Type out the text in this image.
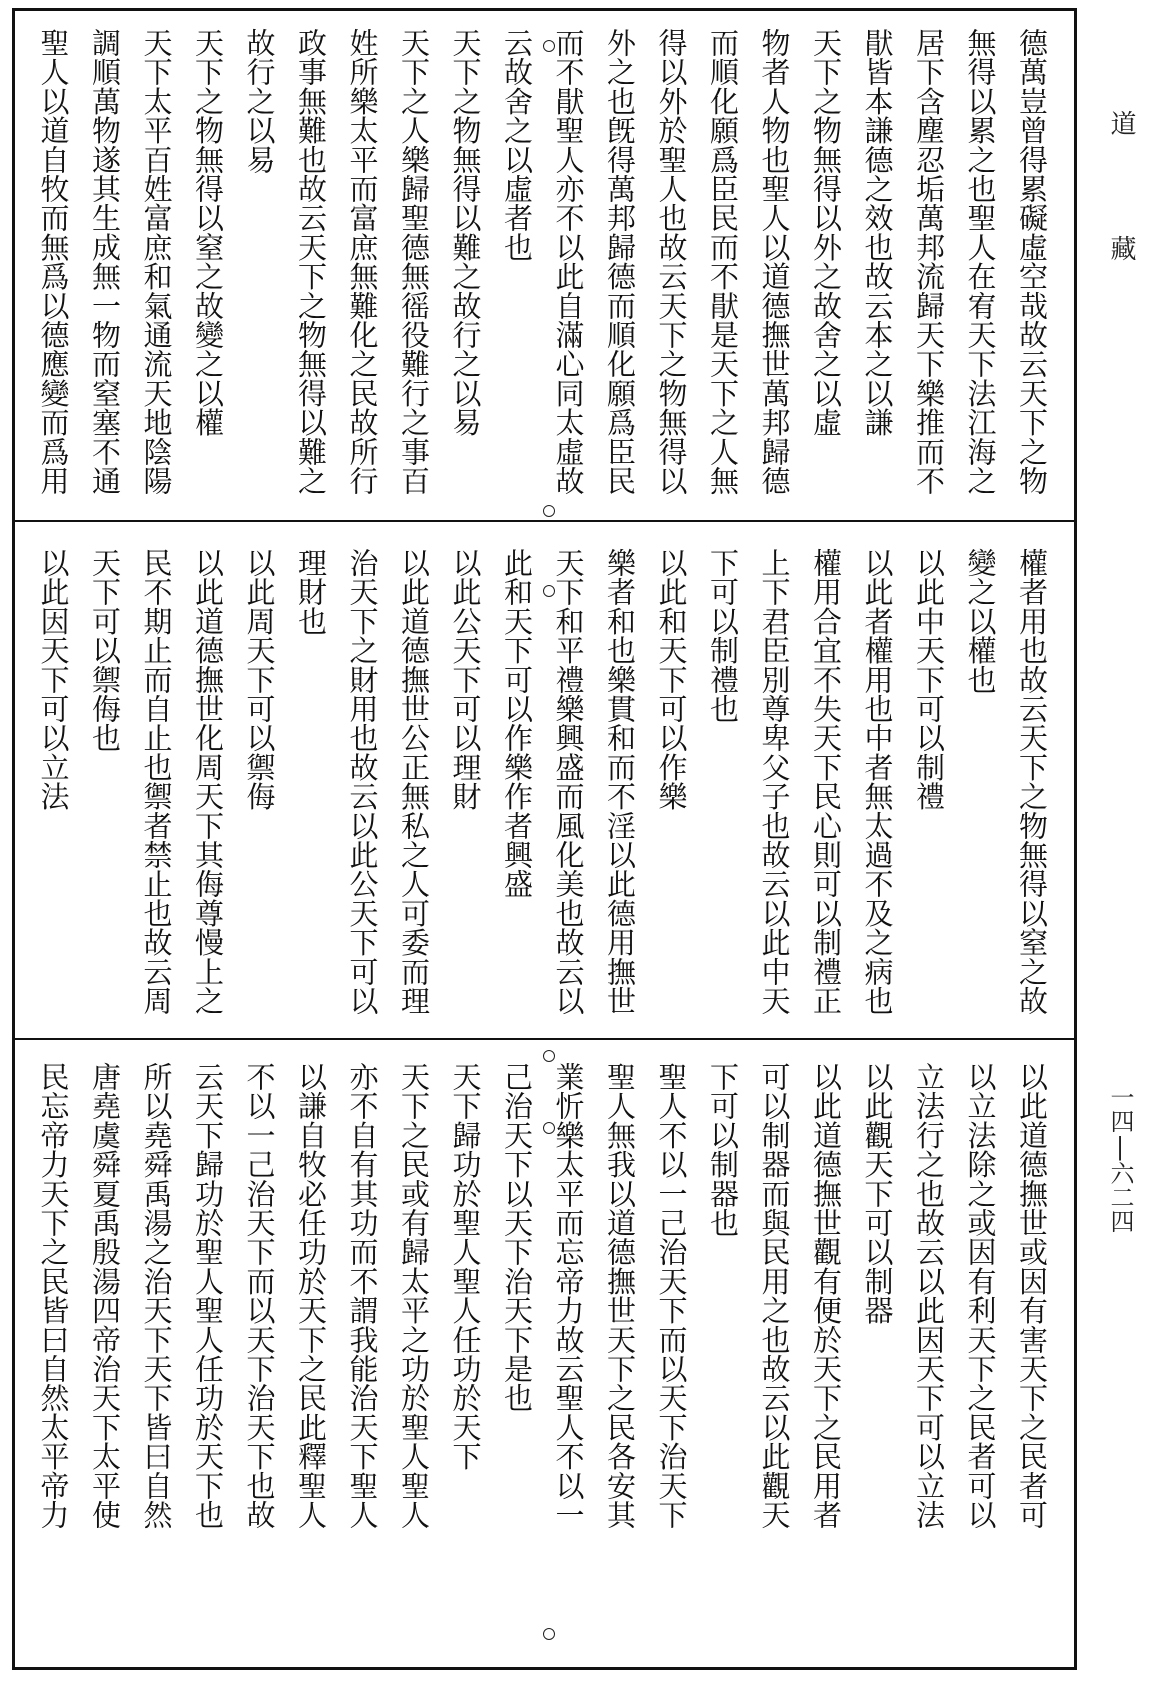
道
藏
一四|六二四
德萬豈曾得累礙虛空哉故云天下之物
無得以累之也聖人在宥天下法江海之
居下含塵忍垢萬邦流歸天下樂推而不
猒皆本謙德之效也故云本之以謙
天下之物無得以外之故舍之以虛
物者人物也聖人以道德撫世萬邦歸德
而順化願爲臣民而不猒是天下之人無
得以外於聖人也故云天下之物無得以
外之也旣得萬邦歸德而順化願爲臣民
而不猒聖人亦不以此自滿心同太虛故
云故舍之以虛者也
天下之物無得以難之故行之以易
天下之人樂歸聖德無徭役難行之事百
姓所樂太平而富庶無難化之民故所行
政事無難也故云天下之物無得以難之
故行之以易
天下之物無得以窒之故變之以權
天下太平百姓富庶和氣通流天地陰陽
調順萬物遂其生成無一物而窒塞不通
聖人以道自牧而無爲以德應變而爲用
權者用也故云天下之物無得以窒之故
變之以權也
以此中天下可以制禮
以此者權用也中者無太過不及之病也
權用合宜不失天下民心則可以制禮正
上下君臣別尊卑父子也故云以此中天
下可以制禮也
以此和天下可以作樂
樂者和也樂貫和而不淫以此德用撫世
天下和平禮樂興盛而風化美也故云以
此和天下可以作樂作者興盛
以此公天下可以理財
以此道德撫世公正無私之人可委而理
治天下之財用也故云以此公天下可以
理財也
以此周天下可以禦侮
以此道德撫世化周天下其侮尊慢上之
民不期止而自止也禦者禁止也故云周
天下可以禦侮也
以此因天下可以立法
以此道德撫世或因有害天下之民者可
以立法除之或因有利天下之民者可以
立法行之也故云以此因天下可以立法
以此觀天下可以制器
以此道德撫世觀有便於天下之民用者
可以制器而與民用之也故云以此觀天
下可以制器也
聖人不以一己治天下而以天下治天下
聖人無我以道德撫世天下之民各安其
業忻樂太平而忘帝力故云聖人不以一
己治天下以天下治天下是也
天下歸功於聖人聖人任功於天下
天下之民或有歸太平之功於聖人聖人
亦不自有其功而不謂我能治天下聖人
以謙自牧必任功於天下之民此釋聖人
不以一己治天下而以天下治天下也故
云天下歸功於聖人聖人任功於天下也
所以堯舜禹湯之治天下天下皆曰自然
唐堯虞舜夏禹殷湯四帝治天下太平使
民忘帝力天下之民皆曰自然太平帝力
